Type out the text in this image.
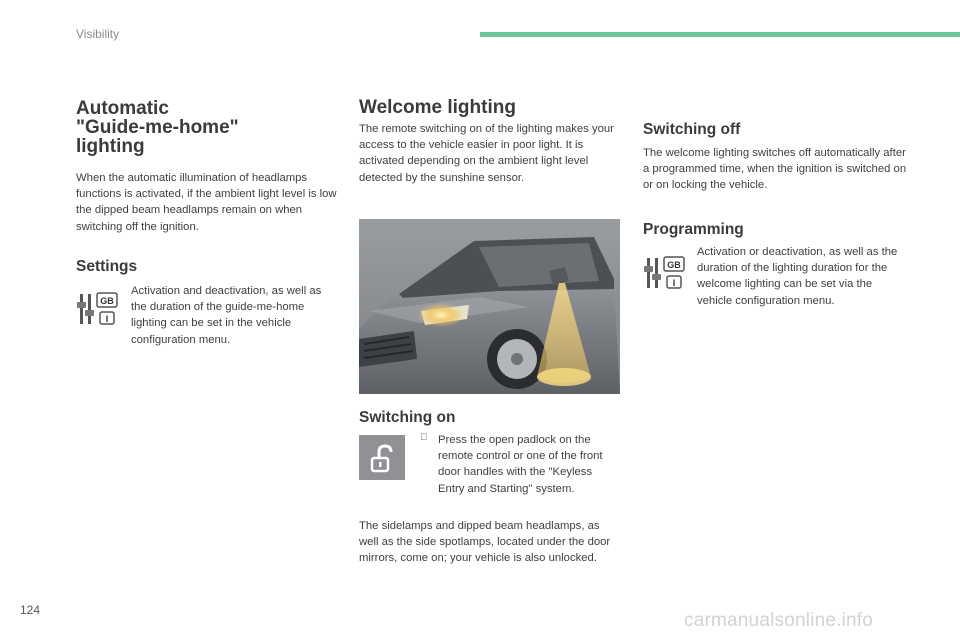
Visibility
Automatic
"Guide-me-home"
lighting
When the automatic illumination of headlamps functions is activated, if the ambient light level is low the dipped beam headlamps remain on when switching off the ignition.
Settings
GB
I
Activation and deactivation, as well as the duration of the guide-me-home lighting can be set in the vehicle configuration menu.
Welcome lighting
The remote switching on of the lighting makes your access to the vehicle easier in poor light. It is activated depending on the ambient light level detected by the sunshine sensor.
Switching on
Press the open padlock on the remote control or one of the front door handles with the "Keyless Entry and Starting" system.
The sidelamps and dipped beam headlamps, as well as the side spotlamps, located under the door mirrors, come on; your vehicle is also unlocked.
Switching off
The welcome lighting switches off automatically after a programmed time, when the ignition is switched on or on locking the vehicle.
Programming
GB
I
Activation or deactivation, as well as the duration of the lighting duration for the welcome lighting can be set via the vehicle configuration menu.
124	carmanualsonline.info
